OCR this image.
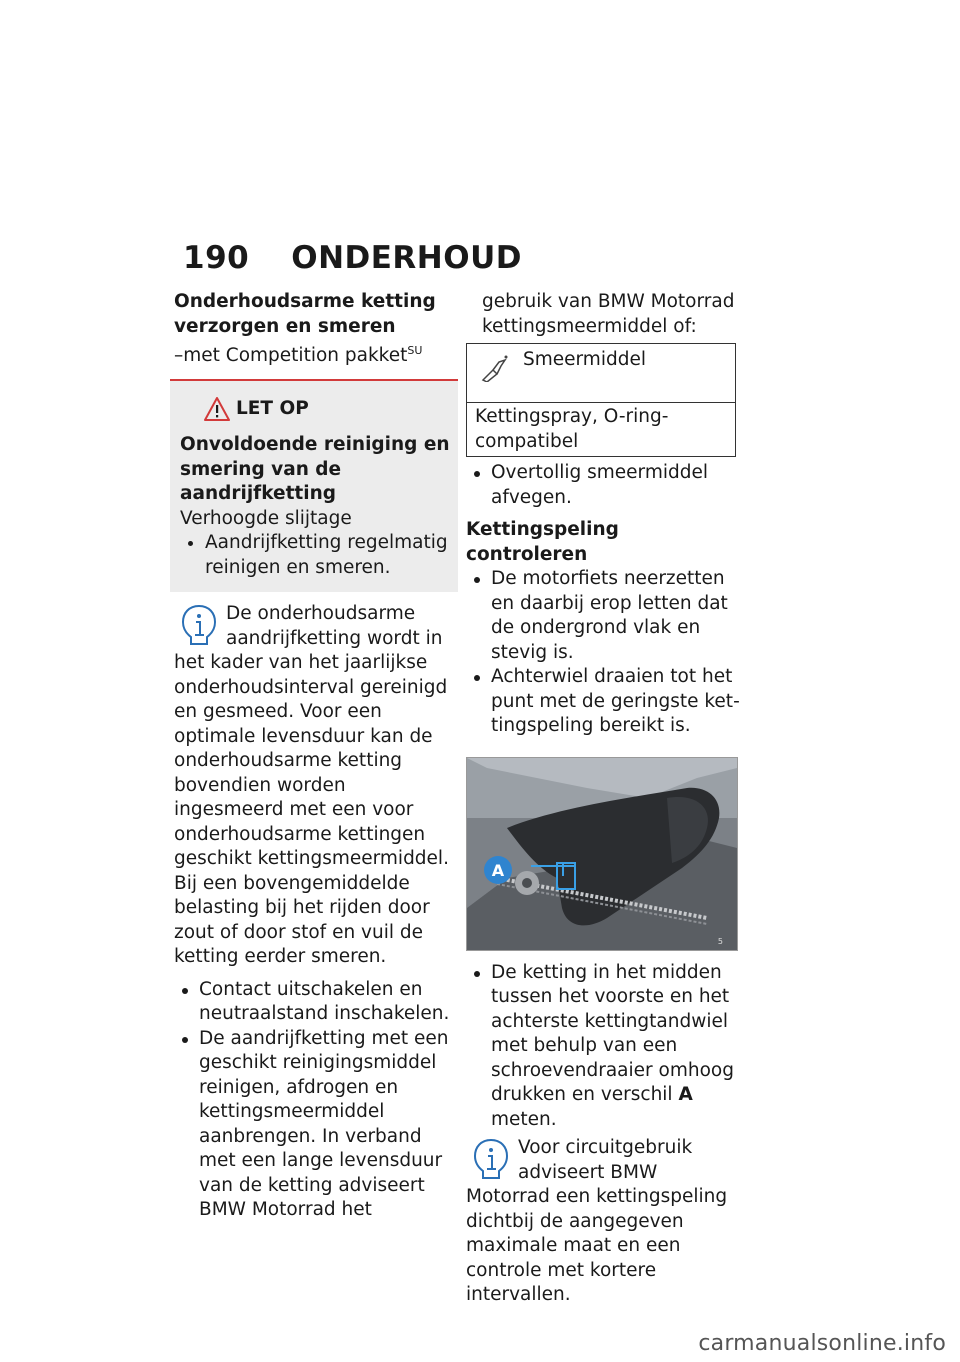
190 ONDERHOUD
Onderhoudsarme ketting verzorgen en smeren
–met Competition pakket$^{SU}$
LET OP
Onvoldoende reiniging en smering van de aandrijfketting
Verhoogde slijtage
Aandrijfketting regelmatig reinigen en smeren.
De onderhoudsarme aandrijfketting wordt in het kader van het jaarlijkse onderhoudsinterval gereinigd en gesmeed. Voor een optimale levensduur kan de onderhoudsarme ketting bovendien worden ingesmeerd met een voor onderhoudsarme kettingen geschikt kettingsmeermiddel. Bij een bovengemiddelde belasting bij het rijden door zout of door stof en vuil de ketting eerder smeren.
Contact uitschakelen en neutraalstand inschakelen.
De aandrijfketting met een geschikt reinigingsmiddel reinigen, afdrogen en kettingsmeermiddel aanbrengen. In verband met een lange levensduur van de ketting adviseert BMW Motorrad het
gebruik van BMW Motorrad kettingsmeermiddel of:
Smeermiddel
Kettingspray, O-ring-compatibel
Overtollig smeermiddel afvegen.
Kettingspeling controleren
De motorfiets neerzetten en daarbij erop letten dat de ondergrond vlak en stevig is.
Achterwiel draaien tot het punt met de geringste kettingspeling bereikt is.
A
5
De ketting in het midden tussen het voorste en het achterste kettingtandwiel met behulp van een schroevendraaier omhoog drukken en verschil A meten.
Voor circuitgebruik adviseert BMW Motorrad een kettingspeling dichtbij de aangegeven maximale maat en een controle met kortere intervallen.
carmanualsonline.info
